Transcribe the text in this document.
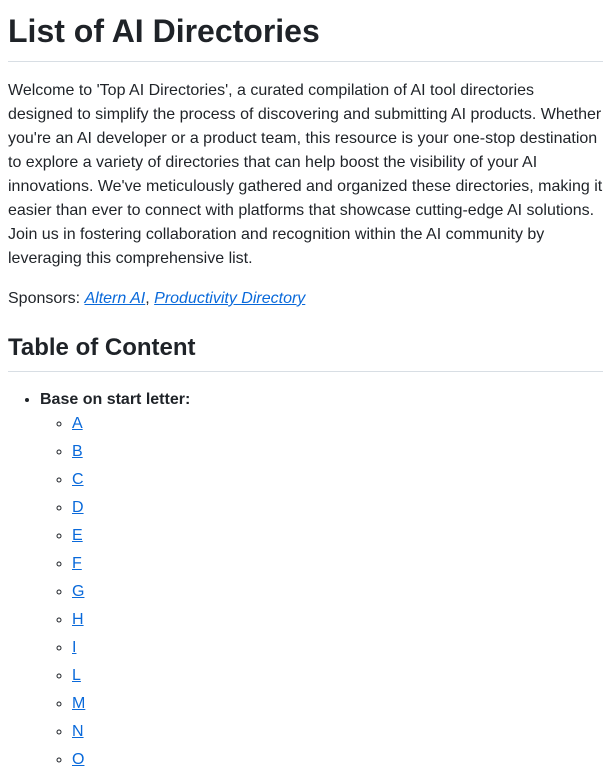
List of AI Directories

Welcome to 'Top AI Directories', a curated compilation of AI tool directories designed to simplify the process of discovering and submitting AI products. Whether you're an AI developer or a product team, this resource is your one-stop destination to explore a variety of directories that can help boost the visibility of your AI innovations. We've meticulously gathered and organized these directories, making it easier than ever to connect with platforms that showcase cutting-edge AI solutions. Join us in fostering collaboration and recognition within the AI community by leveraging this comprehensive list.

Sponsors: Altern AI, Productivity Directory

Table of Content
• Base on start letter:
◦ A
◦ B
◦ C
◦ D
◦ E
◦ F
◦ G
◦ H
◦ I
◦ L
◦ M
◦ N
◦ O
